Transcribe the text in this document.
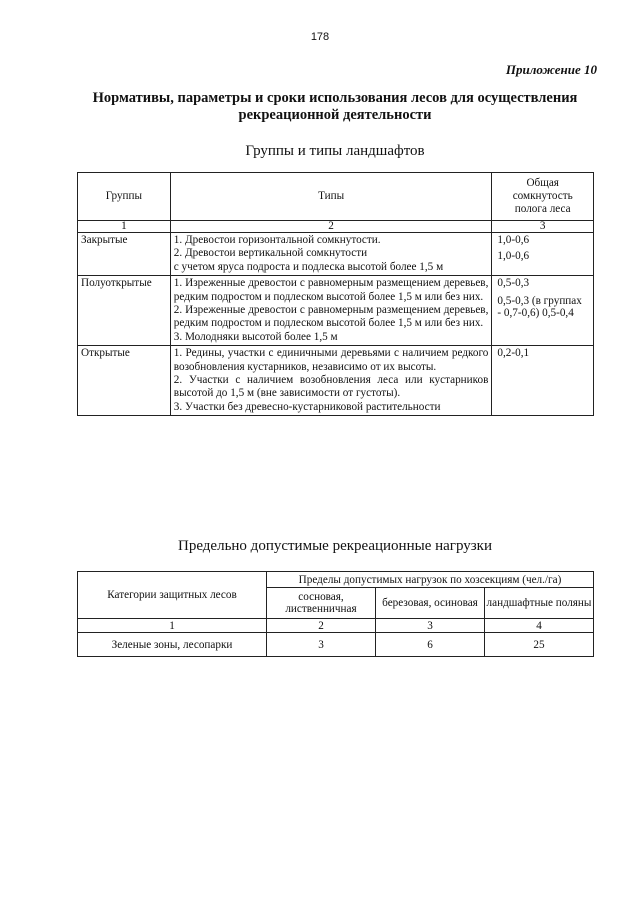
178
Приложение 10
Нормативы, параметры и сроки использования лесов для осуществления
рекреационной деятельности
Группы и типы ландшафтов
Группы	Типы	Общая сомкнутость полога леса
1	2	3
Закрытые	1. Древостои горизонтальной сомкнутости.
2. Древостои вертикальной сомкнутости
с учетом яруса подроста и подлеска высотой более 1,5 м	1,0-0,6
1,0-0,6

Полуоткрытые	1. Изреженные древостои с равномерным размещением деревьев, редким подростом и подлеском высотой более 1,5 м или без них.
2. Изреженные древостои с равномерным размещением деревьев, редким подростом и подлеском высотой более 1,5 м или без них.
3. Молодняки высотой более 1,5 м	0,5-0,3
0,5-0,3 (в группах - 0,7-0,6) 0,5-0,4

Открытые	1. Редины, участки с единичными деревьями с наличием редкого возобновления кустарников, независимо от их высоты.
2. Участки с наличием возобновления леса или кустарников высотой до 1,5 м (вне зависимости от густоты).
3. Участки без древесно-кустарниковой растительности	0,2-0,1
Предельно допустимые рекреационные нагрузки
Категории защитных лесов	Пределы допустимых нагрузок по хозсекциям (чел./га)		
	сосновая, лиственничная	березовая, осиновая	ландшафтные поляны
1	2	3	4
Зеленые зоны, лесопарки	3	6	25
